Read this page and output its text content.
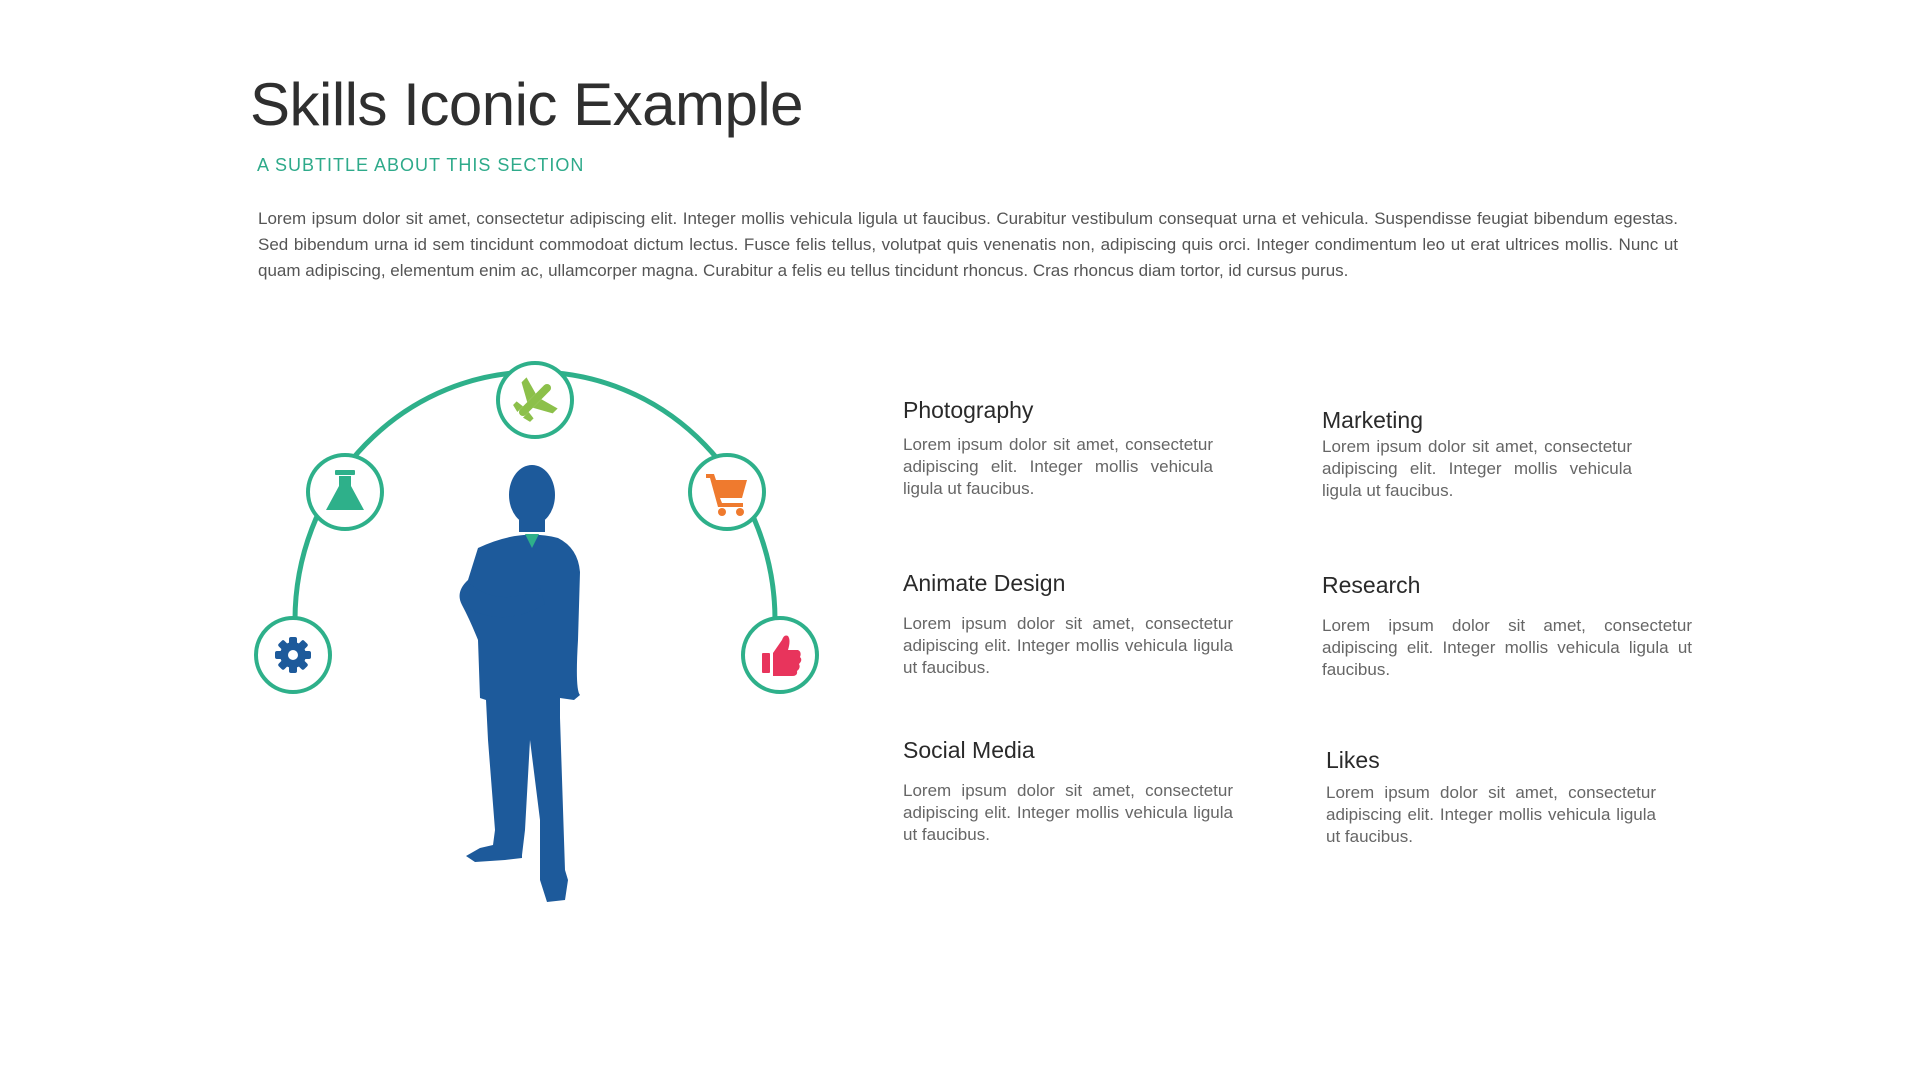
Skills Iconic Example
A SUBTITLE ABOUT THIS SECTION

Lorem ipsum dolor sit amet, consectetur adipiscing elit. Integer mollis vehicula ligula ut faucibus. Curabitur vestibulum consequat urna et vehicula. Suspendisse feugiat bibendum egestas. Sed bibendum urna id sem tincidunt commodoat dictum lectus. Fusce felis tellus, volutpat quis venenatis non, adipiscing quis orci. Integer condimentum leo ut erat ultrices mollis. Nunc ut quam adipiscing, elementum enim ac, ullamcorper magna. Curabitur a felis eu tellus tincidunt rhoncus. Cras rhoncus diam tortor, id cursus purus.

Photography

Lorem ipsum dolor sit amet, consectetur adipiscing elit. Integer mollis vehicula ligula ut faucibus.

Marketing

Lorem ipsum dolor sit amet, consectetur adipiscing elit. Integer mollis vehicula ligula ut faucibus.

Animate Design

Lorem ipsum dolor sit amet, consectetur adipiscing elit. Integer mollis vehicula ligula ut faucibus.

Research

Lorem ipsum dolor sit amet, consectetur adipiscing elit. Integer mollis vehicula ligula ut faucibus.

Social Media

Lorem ipsum dolor sit amet, consectetur adipiscing elit. Integer mollis vehicula ligula ut faucibus.

Likes

Lorem ipsum dolor sit amet, consectetur adipiscing elit. Integer mollis vehicula ligula ut faucibus.
